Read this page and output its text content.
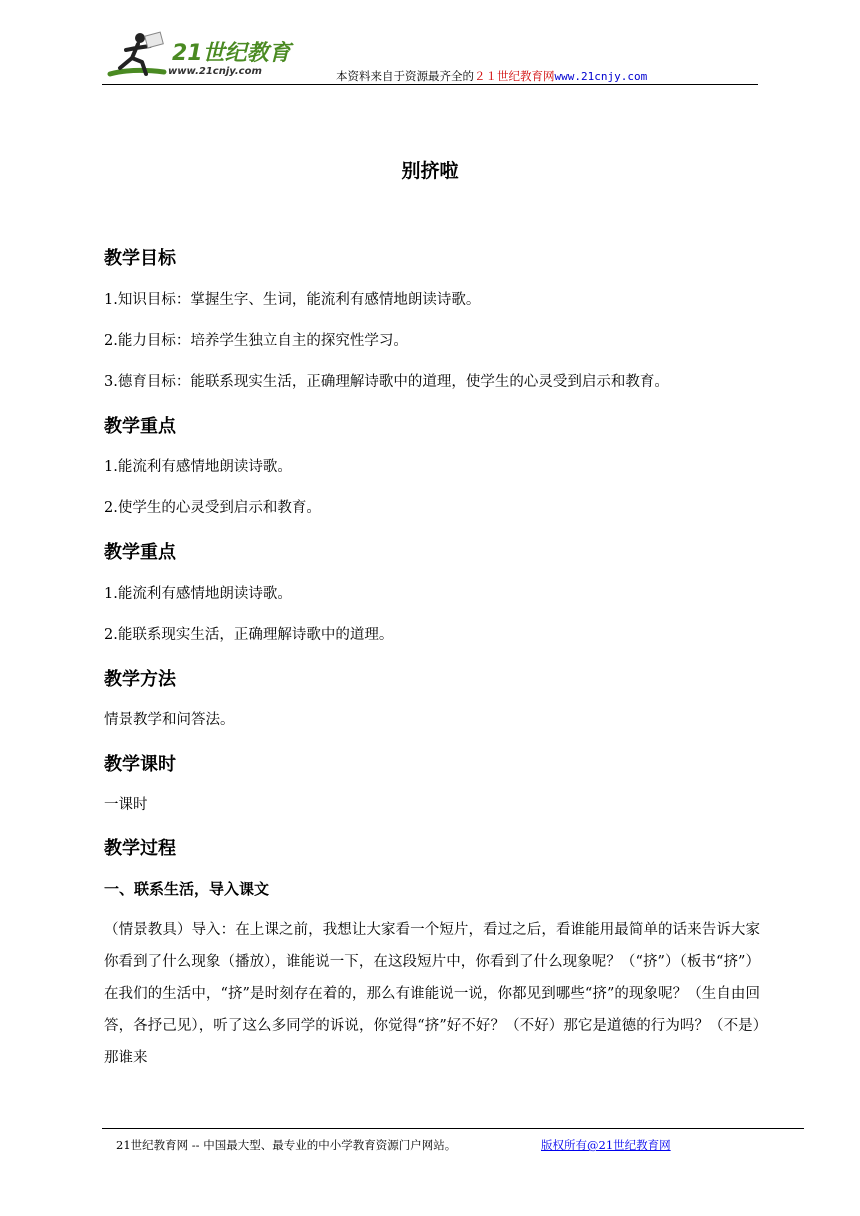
21世纪教育
www.21cnjy.com	本资料来自于资源最齐全的２１世纪教育网www.21cnjy.com
别挤啦
教学目标
1.知识目标：掌握生字、生词，能流利有感情地朗读诗歌。
2.能力目标：培养学生独立自主的探究性学习。
3.德育目标：能联系现实生活，正确理解诗歌中的道理，使学生的心灵受到启示和教育。
教学重点
1.能流利有感情地朗读诗歌。
2.使学生的心灵受到启示和教育。
教学重点
1.能流利有感情地朗读诗歌。
2.能联系现实生活，正确理解诗歌中的道理。
教学方法
情景教学和问答法。
教学课时
一课时
教学过程
一、联系生活，导入课文
（情景教具）导入：在上课之前，我想让大家看一个短片，看过之后，看谁能用最简单的话来告诉大家你看到了什么现象（播放），谁能说一下，在这段短片中，你看到了什么现象呢？（“挤”）（板书“挤”）在我们的生活中，“挤”是时刻存在着的，那么有谁能说一说，你都见到哪些“挤”的现象呢？（生自由回答，各抒己见），听了这么多同学的诉说，你觉得“挤”好不好？（不好）那它是道德的行为吗？（不是）那谁来
21世纪教育网 -- 中国最大型、最专业的中小学教育资源门户网站。	版权所有@21世纪教育网
